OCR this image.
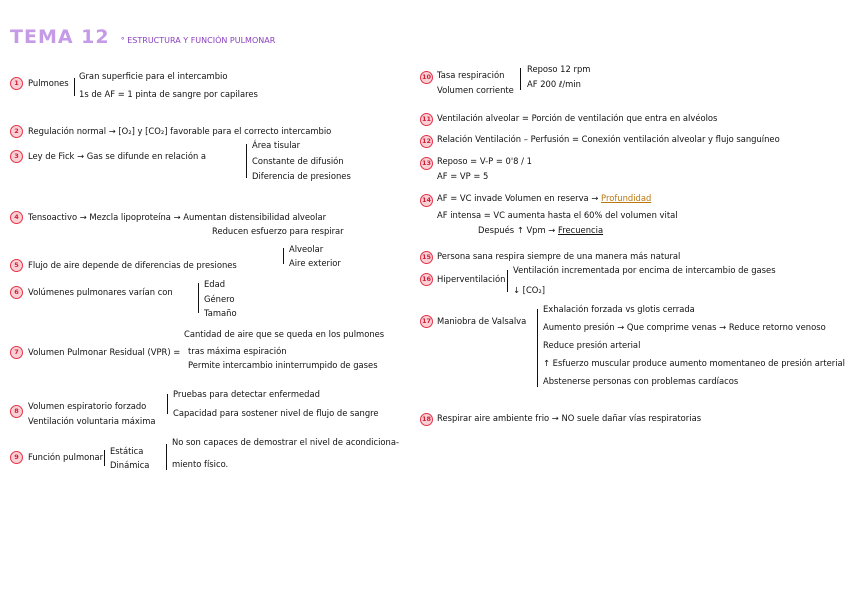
TEMA 12 ° ESTRUCTURA Y FUNCIÓN PULMONAR
1
2
3
4
5
6
7
8
9
10
11
12
13
14
15
16
17
18
Pulmones
Gran superficie para el intercambio
1s de AF = 1 pinta de sangre por capilares
Regulación normal → [O₂] y [CO₂] favorable para el correcto intercambio
Ley de Fick → Gas se difunde en relación a
Área tisular
Constante de difusión
Diferencia de presiones
Tensoactivo → Mezcla lipoproteína → Aumentan distensibilidad alveolar
Reducen esfuerzo para respirar
Flujo de aire depende de diferencias de presiones
Alveolar
Aire exterior
Volúmenes pulmonares varían con
Edad
Género
Tamaño
Volumen Pulmonar Residual (VPR) =
Cantidad de aire que se queda en los pulmones
tras máxima espiración
Permite intercambio ininterrumpido de gases
Volumen espiratorio forzado
Ventilación voluntaria máxima
Pruebas para detectar enfermedad
Capacidad para sostener nivel de flujo de sangre
Función pulmonar
Estática
Dinámica
No son capaces de demostrar el nivel de acondiciona-
miento físico.
Tasa respiración
Volumen corriente
Reposo 12 rpm
AF 200 ℓ/min
Ventilación alveolar = Porción de ventilación que entra en alvéolos
Relación Ventilación – Perfusión = Conexión ventilación alveolar y flujo sanguíneo
Reposo = V-P = 0'8 / 1
AF = VP = 5
AF = VC invade Volumen en reserva → Profundidad
AF intensa = VC aumenta hasta el 60% del volumen vital
Después ↑ Vpm → Frecuencia
Persona sana respira siempre de una manera más natural
Hiperventilación
Ventilación incrementada por encima de intercambio de gases
↓ [CO₂]
Maniobra de Valsalva
Exhalación forzada vs glotis cerrada
Aumento presión → Que comprime venas → Reduce retorno venoso
Reduce presión arterial
↑ Esfuerzo muscular produce aumento momentaneo de presión arterial
Abstenerse personas con problemas cardíacos
Respirar aire ambiente frio → NO suele dañar vías respiratorias
